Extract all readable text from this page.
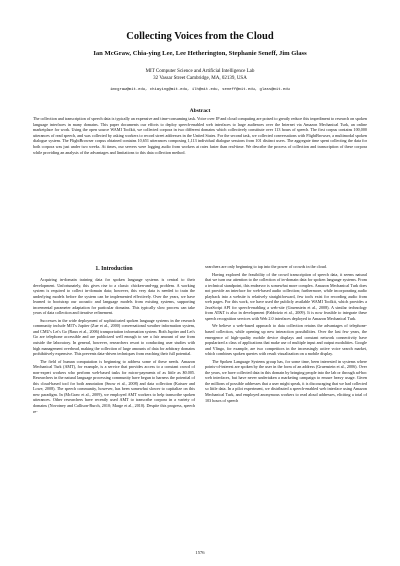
Collecting Voices from the Cloud
Ian McGraw, Chia-ying Lee, Lee Hetherington, Stephanie Seneff, Jim Glass
MIT Computer Science and Artificial Intelligence Lab
32 Vassar Street Cambridge, MA, 02139, USA
imcgraw@mit.edu, chiaying@mit.edu, ilh@mit.edu, seneff@mit.edu, glass@mit.edu
Abstract
The collection and transcription of speech data is typically an expensive and time-consuming task. Voice over IP and cloud computing are poised to greatly reduce this impediment to research on spoken language interfaces in many domains. This paper documents our efforts to deploy speech-enabled web interfaces to large audiences over the Internet via Amazon Mechanical Turk, an online marketplace for work. Using the open source WAMI Toolkit, we collected corpora in two different domains which collectively constitute over 113 hours of speech. The first corpus contains 100,000 utterances of read speech, and was collected by asking workers to record street addresses in the United States. For the second task, we collected conversations with FlightBrowser, a multimodal spoken dialogue system. The FlightBrowser corpus obtained contains 10,651 utterances composing 1,113 individual dialogue sessions from 101 distinct users. The aggregate time spent collecting the data for both corpora was just under two weeks. At times, our servers were logging audio from workers at rates faster than real-time. We describe the process of collection and transcription of these corpora while providing an analysis of the advantages and limitations to this data collection method.

Acquiring in-domain training data for spoken language systems is central to their development. Unfortunately, this gives rise to a classic chicken-and-egg problem. A working system is required to collect in-domain data; however, this very data is needed to train the underlying models before the system can be implemented effectively. Over the years, we have learned to bootstrap our acoustic and language models from existing systems, supporting incremental parameter adaptation for particular domains. This typically slow process can take years of data collection and iterative refinement.

Successes in the wide deployment of sophisticated spoken language systems in the research community include MIT's Jupiter (Zue et al., 2000) conversational weather information system, and CMU's Let's Go (Raux et al., 2006) transportation information system. Both Jupiter and Let's Go are telephone accessible and are publicized well enough to see a fair amount of use from outside the laboratory. In general, however, researchers resort to conducting user studies with high management overhead, making the collection of large amounts of data for arbitrary domains prohibitively expensive. This prevents data-driven techniques from reaching their full potential.

The field of human computation is beginning to address some of these needs. Amazon Mechanical Turk (AMT), for example, is a service that provides access to a constant crowd of non-expert workers who perform web-based tasks for micro-payments of as little as $0.005. Researchers in the natural language processing community have begun to harness the potential of this cloud-based tool for both annotation (Snow et al., 2008) and data collection (Kaisser and Lowe, 2008). The speech community, however, has been somewhat slower to capitalize on this new paradigm. In (McGraw et al., 2009), we employed AMT workers to help transcribe spoken utterances. Other researchers have recently used AMT to transcribe corpora in a variety of domains (Novotney and Callison-Burch, 2010; Marge et al., 2010). Despite this progress, speech re-

1. Introduction	searchers are only beginning to tap into the power of crowds in the cloud.

Having explored the feasibility of the crowd transcription of speech data, it seems natural that we turn our attention to the collection of in-domain data for spoken language systems. From a technical standpoint, this endeavor is somewhat more complex. Amazon Mechanical Turk does not provide an interface for web-based audio collection; furthermore, while incorporating audio playback into a website is relatively straightforward, few tools exist for recording audio from web pages. For this work, we have used the publicly available WAMI Toolkit, which provides a JavaScript API for speech-enabling a web-site (Gruenstein et al., 2008). A similar technology from AT&T is also in development (Fabbrizio et al., 2009). It is now feasible to integrate these speech recognition services with Web 2.0 interfaces deployed to Amazon Mechanical Turk.

We believe a web-based approach to data collection retains the advantages of telephone-based collection, while opening up new interaction possibilities. Over the last few years, the emergence of high-quality mobile device displays and constant network connectivity have popularized a class of applications that make use of multiple input and output modalities. Google and Vlingo, for example, are two competitors in the increasingly active voice search market, which combines spoken queries with result visualization on a mobile display.

The Spoken Language Systems group has, for some time, been interested in systems where points-of-interest are spoken by the user in the form of an address (Gruenstein et al., 2006). Over the years, we have collected data in this domain by bringing people into the lab or through ad-hoc web interfaces, but have never undertaken a marketing campaign to ensure heavy usage. Given the millions of possible addresses that a user might speak, it is discouraging that we had collected so little data. In a pilot experiment, we distributed a speech-enabled web interface using Amazon Mechanical Turk, and employed anonymous workers to read aloud addresses, eliciting a total of 103 hours of speech

1576
